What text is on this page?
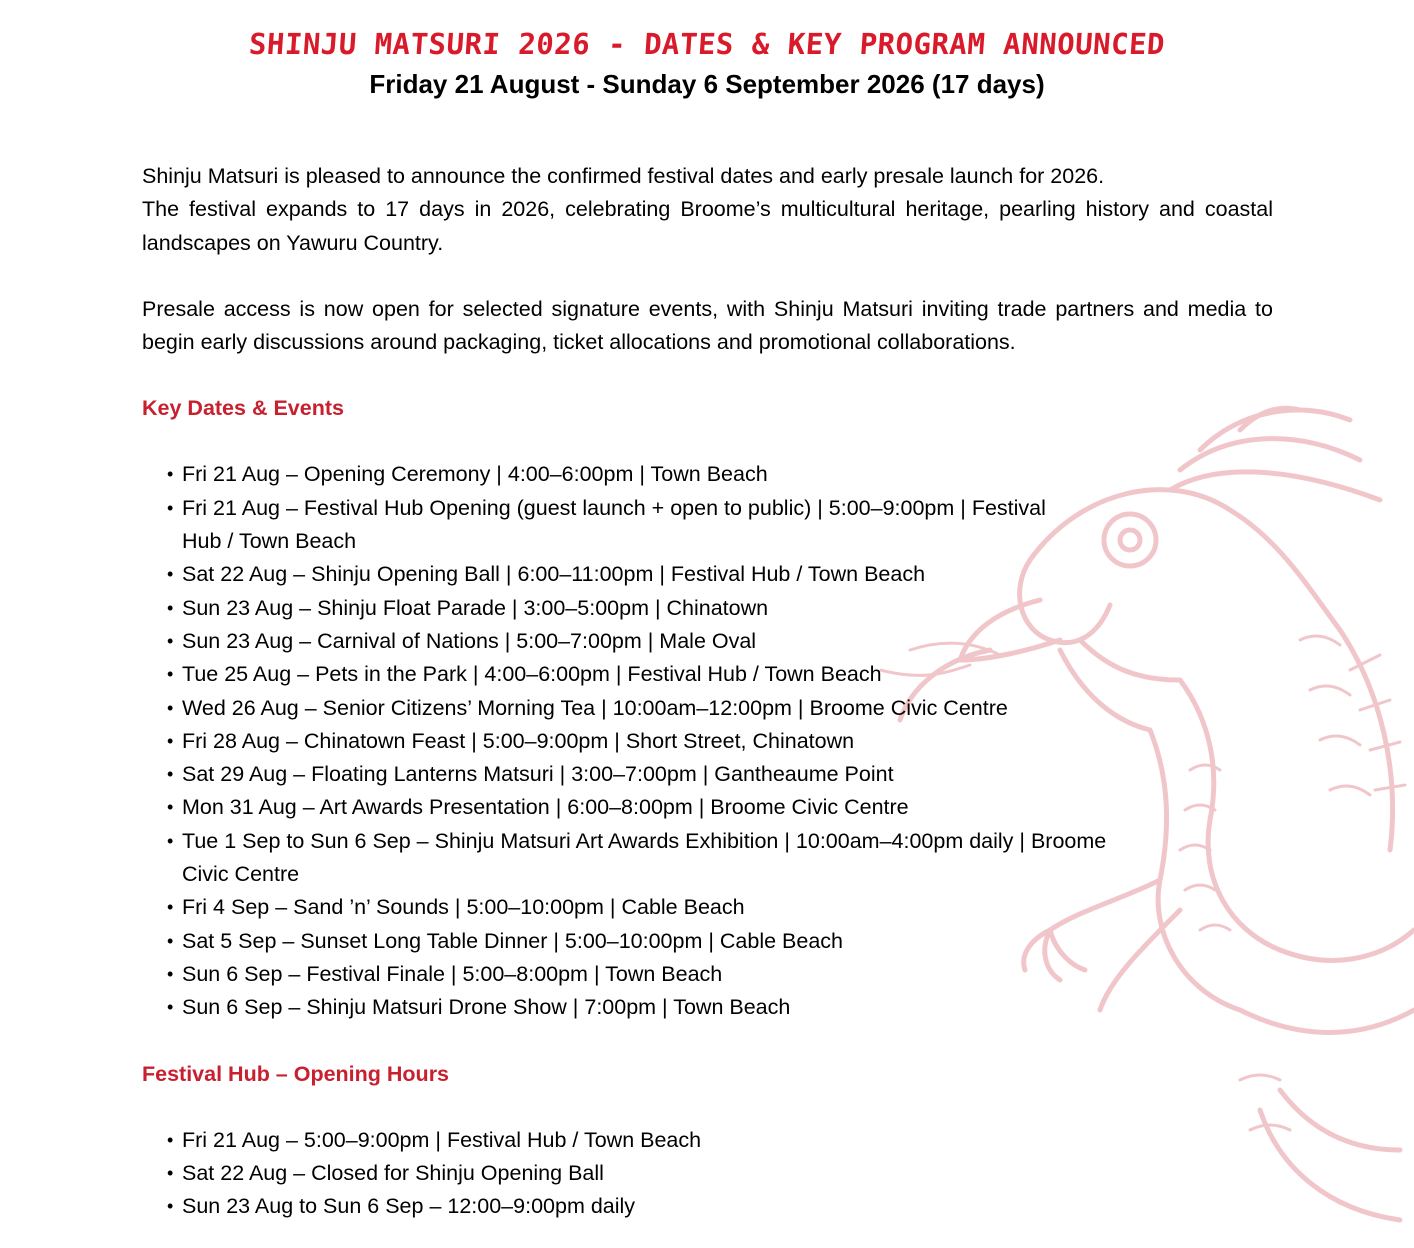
SHINJU MATSURI 2026 - DATES & KEY PROGRAM ANNOUNCED
Friday 21 August - Sunday 6 September 2026 (17 days)

Shinju Matsuri is pleased to announce the confirmed festival dates and early presale launch for 2026.

The festival expands to 17 days in 2026, celebrating Broome’s multicultural heritage, pearling history and coastal landscapes on Yawuru Country.

Presale access is now open for selected signature events, with Shinju Matsuri inviting trade partners and media to begin early discussions around packaging, ticket allocations and promotional collaborations.

Key Dates & Events
• Fri 21 Aug – Opening Ceremony | 4:00–6:00pm | Town Beach
• Fri 21 Aug – Festival Hub Opening (guest launch + open to public) | 5:00–9:00pm | Festival Hub / Town Beach
• Sat 22 Aug – Shinju Opening Ball | 6:00–11:00pm | Festival Hub / Town Beach
• Sun 23 Aug – Shinju Float Parade | 3:00–5:00pm | Chinatown
• Sun 23 Aug – Carnival of Nations | 5:00–7:00pm | Male Oval
• Tue 25 Aug – Pets in the Park | 4:00–6:00pm | Festival Hub / Town Beach
• Wed 26 Aug – Senior Citizens’ Morning Tea | 10:00am–12:00pm | Broome Civic Centre
• Fri 28 Aug – Chinatown Feast | 5:00–9:00pm | Short Street, Chinatown
• Sat 29 Aug – Floating Lanterns Matsuri | 3:00–7:00pm | Gantheaume Point
• Mon 31 Aug – Art Awards Presentation | 6:00–8:00pm | Broome Civic Centre
• Tue 1 Sep to Sun 6 Sep – Shinju Matsuri Art Awards Exhibition | 10:00am–4:00pm daily | Broome Civic Centre
• Fri 4 Sep – Sand ’n’ Sounds | 5:00–10:00pm | Cable Beach
• Sat 5 Sep – Sunset Long Table Dinner | 5:00–10:00pm | Cable Beach
• Sun 6 Sep – Festival Finale | 5:00–8:00pm | Town Beach
• Sun 6 Sep – Shinju Matsuri Drone Show | 7:00pm | Town Beach
Festival Hub – Opening Hours
• Fri 21 Aug – 5:00–9:00pm | Festival Hub / Town Beach
• Sat 22 Aug – Closed for Shinju Opening Ball
• Sun 23 Aug to Sun 6 Sep – 12:00–9:00pm daily
